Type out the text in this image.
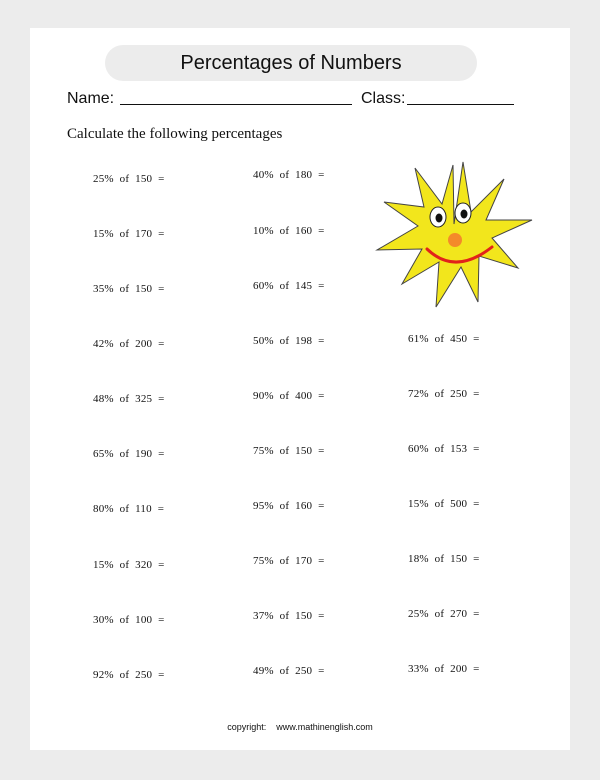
Percentages of Numbers
Name:	Class:
Calculate the following percentages
25%  of  150  =
15%  of  170  =
35%  of  150  =
42%  of  200  =
48%  of  325  =
65%  of  190  =
80%  of  110  =
15%  of  320  =
30%  of  100  =
92%  of  250  =
40%  of  180  =
10%  of  160  =
60%  of  145  =
50%  of  198  =
90%  of  400  =
75%  of  150  =
95%  of  160  =
75%  of  170  =
37%  of  150  =
49%  of  250  =
61%  of  450  =
72%  of  250  =
60%  of  153  =
15%  of  500  =
18%  of  150  =
25%  of  270  =
33%  of  200  =
copyright:    www.mathinenglish.com
